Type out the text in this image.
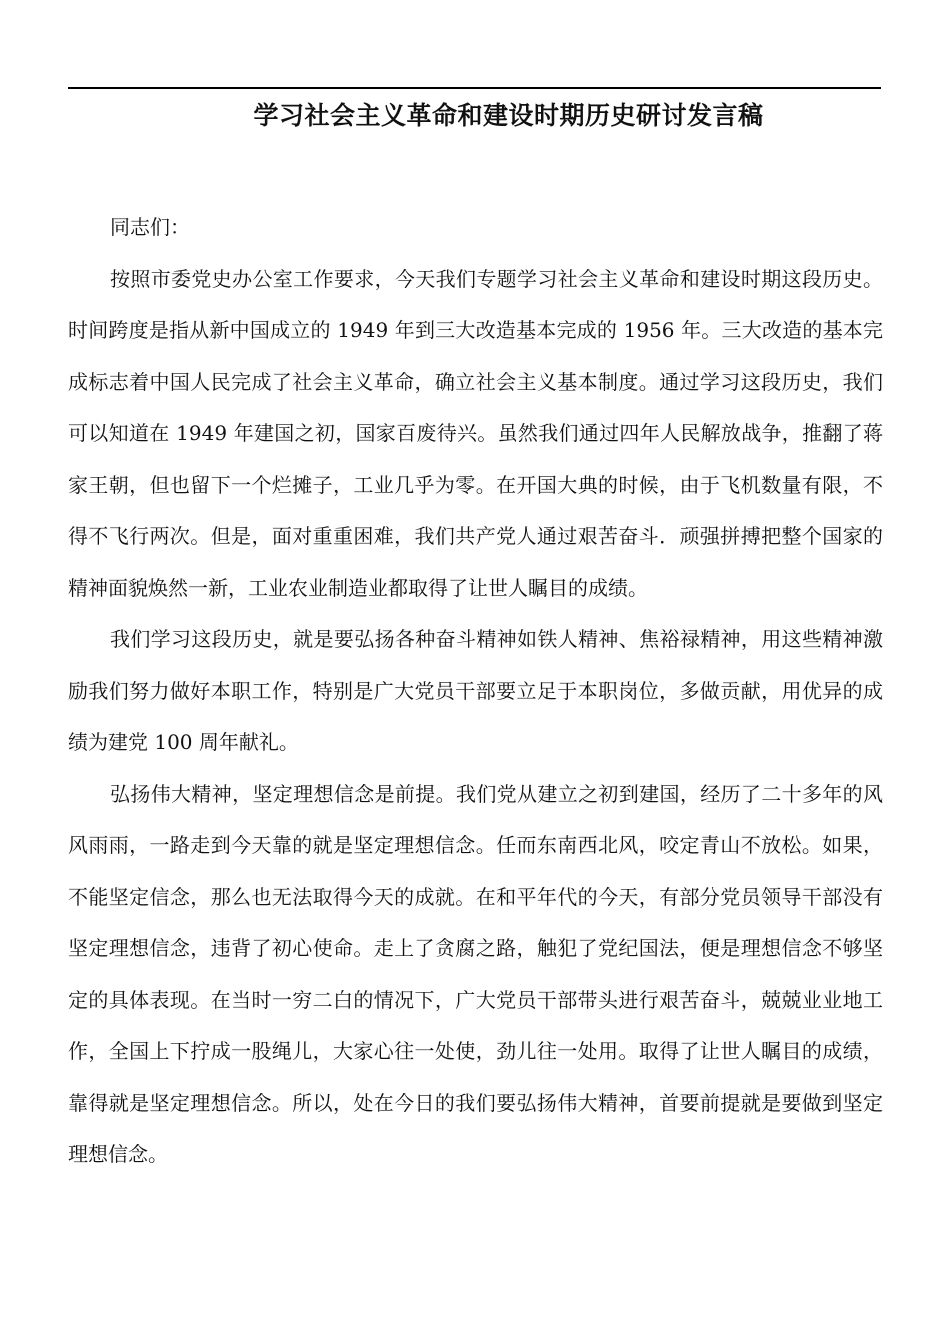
学习社会主义革命和建设时期历史研讨发言稿

同志们：

按照市委党史办公室工作要求，今天我们专题学习社会主义革命和建设时期这段历史。时间跨度是指从新中国成立的 1949 年到三大改造基本完成的 1956 年。三大改造的基本完成标志着中国人民完成了社会主义革命，确立社会主义基本制度。通过学习这段历史，我们可以知道在 1949 年建国之初，国家百废待兴。虽然我们通过四年人民解放战争，推翻了蒋家王朝，但也留下一个烂摊子，工业几乎为零。在开国大典的时候，由于飞机数量有限，不得不飞行两次。但是，面对重重困难，我们共产党人通过艰苦奋斗．顽强拼搏把整个国家的精神面貌焕然一新，工业农业制造业都取得了让世人瞩目的成绩。

我们学习这段历史，就是要弘扬各种奋斗精神如铁人精神、焦裕禄精神，用这些精神激励我们努力做好本职工作，特别是广大党员干部要立足于本职岗位，多做贡献，用优异的成绩为建党 100 周年献礼。

弘扬伟大精神，坚定理想信念是前提。我们党从建立之初到建国，经历了二十多年的风风雨雨，一路走到今天靠的就是坚定理想信念。任而东南西北风，咬定青山不放松。如果，不能坚定信念，那么也无法取得今天的成就。在和平年代的今天，有部分党员领导干部没有坚定理想信念，违背了初心使命。走上了贪腐之路，触犯了党纪国法，便是理想信念不够坚定的具体表现。在当时一穷二白的情况下，广大党员干部带头进行艰苦奋斗，兢兢业业地工作，全国上下拧成一股绳儿，大家心往一处使，劲儿往一处用。取得了让世人瞩目的成绩，靠得就是坚定理想信念。所以，处在今日的我们要弘扬伟大精神，首要前提就是要做到坚定理想信念。
